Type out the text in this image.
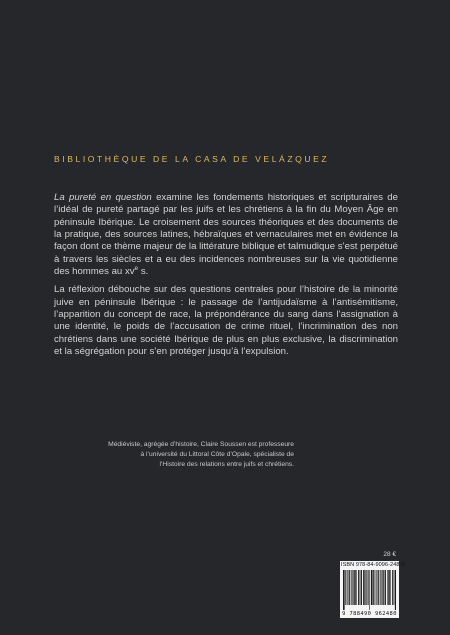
BIBLIOTHÈQUE DE LA CASA DE VELÁZQUEZ

La pureté en question examine les fondements historiques et scripturaires de l’idéal de pureté partagé par les juifs et les chrétiens à la fin du Moyen Âge en péninsule Ibérique. Le croisement des sources théoriques et des documents de la pratique, des sources latines, hébraïques et vernaculaires met en évidence la façon dont ce thème majeur de la littérature biblique et talmudique s’est perpétué à travers les siècles et a eu des incidences nombreuses sur la vie quotidienne des hommes au $xv^e$ s.

La réflexion débouche sur des questions centrales pour l’histoire de la minorité juive en péninsule Ibérique : le passage de l’antijudaïsme à l’antisémitisme, l’apparition du concept de race, la prépondérance du sang dans l’assignation à une identité, le poids de l’accusation de crime rituel, l’incrimination des non chrétiens dans une société Ibérique de plus en plus exclusive, la discrimination et la ségrégation pour s’en protéger jusqu’à l’expulsion.

Médiéviste, agrégée d’histoire, Claire Soussen est professeure
à l’université du Littoral Côte d’Opale, spécialiste de
l’Histoire des relations entre juifs et chrétiens.
28 €
ISBN 978-84-9096-248-0
9 788490 962480
